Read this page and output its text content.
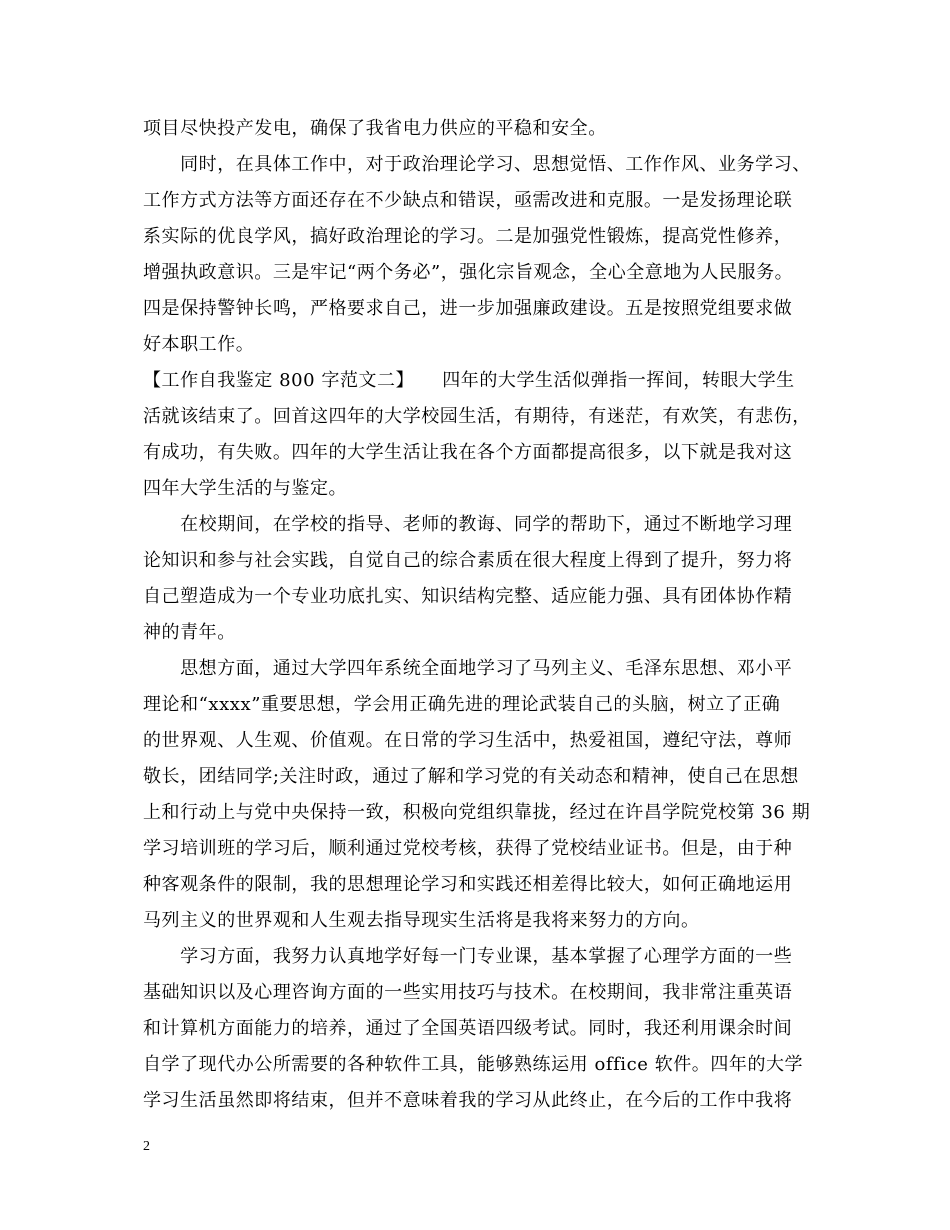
项目尽快投产发电，确保了我省电力供应的平稳和安全。
　　同时，在具体工作中，对于政治理论学习、思想觉悟、工作作风、业务学习、
工作方式方法等方面还存在不少缺点和错误，亟需改进和克服。一是发扬理论联
系实际的优良学风，搞好政治理论的学习。二是加强党性锻炼，提高党性修养，
增强执政意识。三是牢记“两个务必”，强化宗旨观念，全心全意地为人民服务。
四是保持警钟长鸣，严格要求自己，进一步加强廉政建设。五是按照党组要求做
好本职工作。
【工作自我鉴定 800 字范文二】　　四年的大学生活似弹指一挥间，转眼大学生
活就该结束了。回首这四年的大学校园生活，有期待，有迷茫，有欢笑，有悲伤，
有成功，有失败。四年的大学生活让我在各个方面都提高很多，以下就是我对这
四年大学生活的与鉴定。
　　在校期间，在学校的指导、老师的教诲、同学的帮助下，通过不断地学习理
论知识和参与社会实践，自觉自己的综合素质在很大程度上得到了提升，努力将
自己塑造成为一个专业功底扎实、知识结构完整、适应能力强、具有团体协作精
神的青年。
　　思想方面，通过大学四年系统全面地学习了马列主义、毛泽东思想、邓小平
理论和“xxxx”重要思想，学会用正确先进的理论武装自己的头脑，树立了正确
的世界观、人生观、价值观。在日常的学习生活中，热爱祖国，遵纪守法，尊师
敬长，团结同学;关注时政，通过了解和学习党的有关动态和精神，使自己在思想
上和行动上与党中央保持一致，积极向党组织靠拢，经过在许昌学院党校第 36 期
学习培训班的学习后，顺利通过党校考核，获得了党校结业证书。但是，由于种
种客观条件的限制，我的思想理论学习和实践还相差得比较大，如何正确地运用
马列主义的世界观和人生观去指导现实生活将是我将来努力的方向。
　　学习方面，我努力认真地学好每一门专业课，基本掌握了心理学方面的一些
基础知识以及心理咨询方面的一些实用技巧与技术。在校期间，我非常注重英语
和计算机方面能力的培养，通过了全国英语四级考试。同时，我还利用课余时间
自学了现代办公所需要的各种软件工具，能够熟练运用 office 软件。四年的大学
学习生活虽然即将结束，但并不意味着我的学习从此终止，在今后的工作中我将
2
